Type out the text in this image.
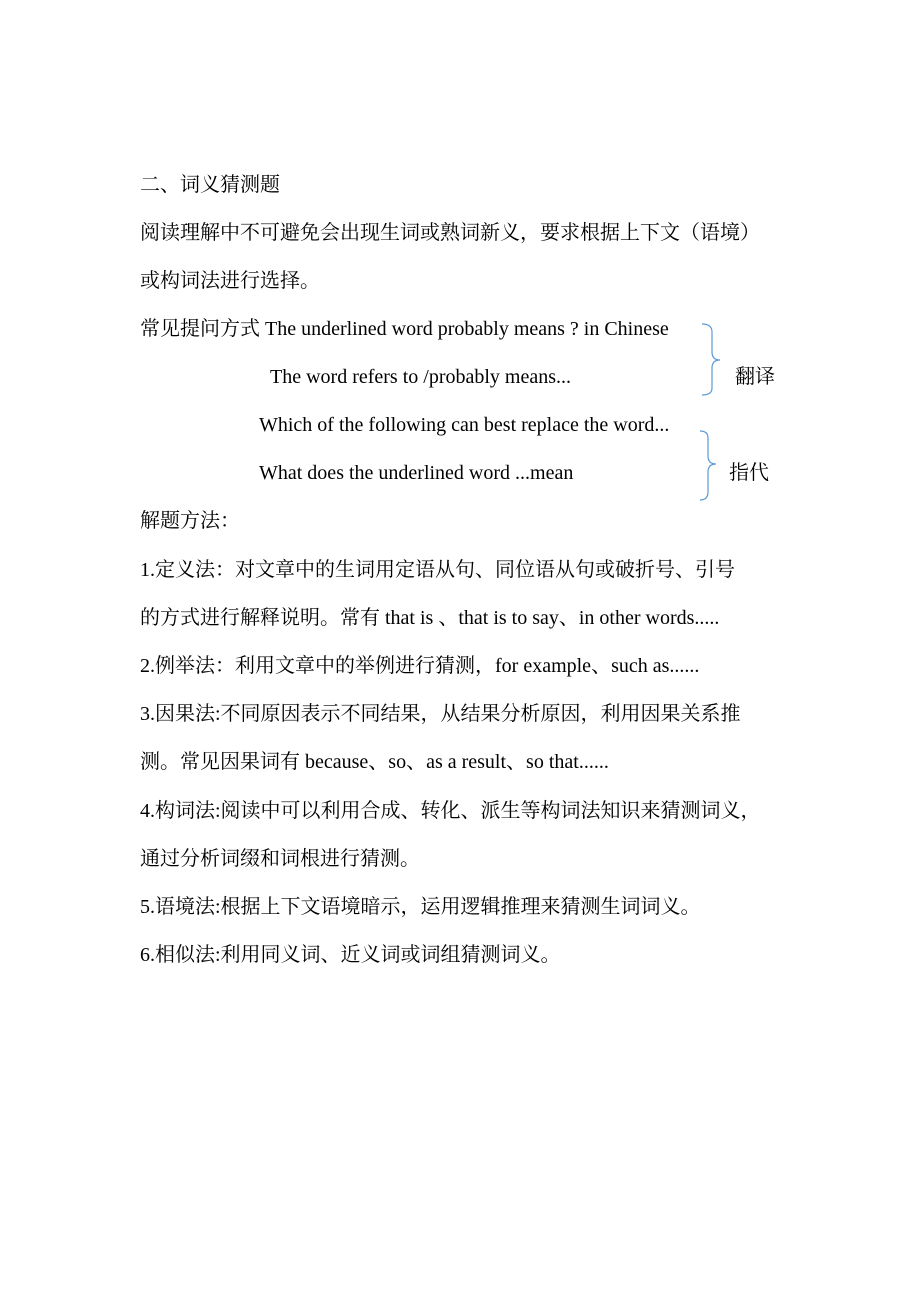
二、词义猜测题
阅读理解中不可避免会出现生词或熟词新义，要求根据上下文（语境）
或构词法进行选择。
常见提问方式 The underlined word probably means ? in Chinese
The word refers to /probably means...
Which of the following can best replace the word...
What does the underlined word ...mean
翻译
指代
解题方法：
1.定义法：对文章中的生词用定语从句、同位语从句或破折号、引号
的方式进行解释说明。常有 that is 、that is to say、in other words.....
2.例举法：利用文章中的举例进行猜测，for example、such as......
3.因果法:不同原因表示不同结果，从结果分析原因，利用因果关系推
测。常见因果词有 because、so、as a result、so that......
4.构词法:阅读中可以利用合成、转化、派生等构词法知识来猜测词义，
通过分析词缀和词根进行猜测。
5.语境法:根据上下文语境暗示，运用逻辑推理来猜测生词词义。
6.相似法:利用同义词、近义词或词组猜测词义。
